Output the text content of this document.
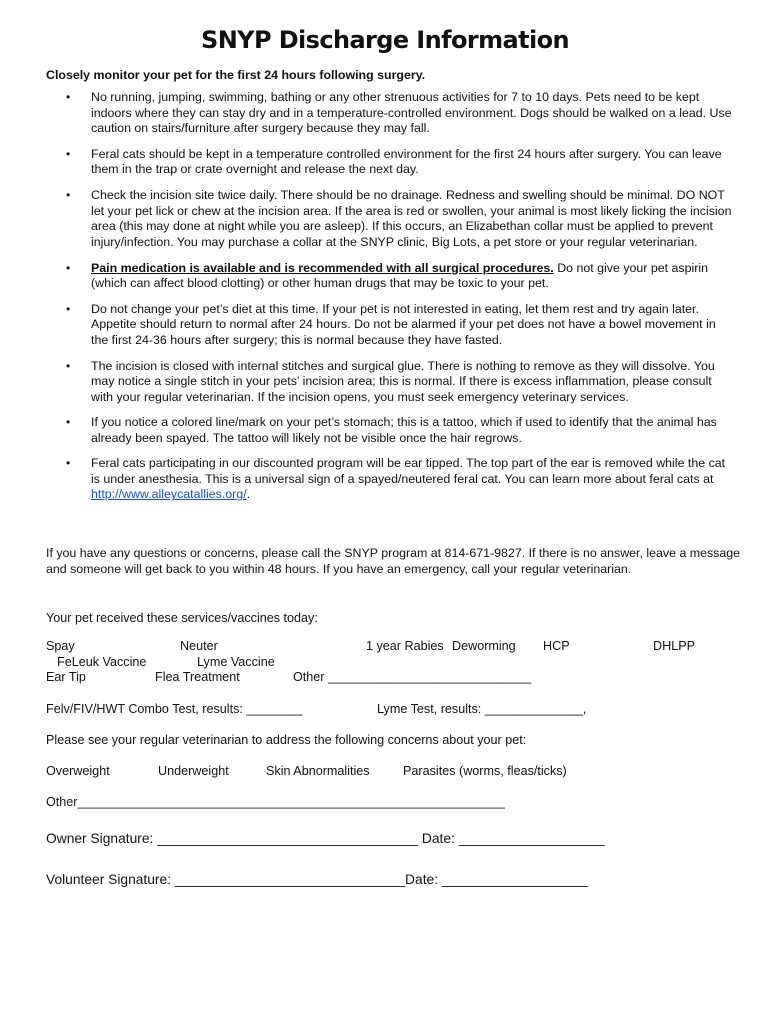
SNYP Discharge Information
Closely monitor your pet for the first 24 hours following surgery.
• No running, jumping, swimming, bathing or any other strenuous activities for 7 to 10 days. Pets need to be kept indoors where they can stay dry and in a temperature-controlled environment. Dogs should be walked on a lead. Use caution on stairs/furniture after surgery because they may fall.
• Feral cats should be kept in a temperature controlled environment for the first 24 hours after surgery. You can leave them in the trap or crate overnight and release the next day.
• Check the incision site twice daily. There should be no drainage. Redness and swelling should be minimal. DO NOT let your pet lick or chew at the incision area. If the area is red or swollen, your animal is most likely licking the incision area (this may done at night while you are asleep). If this occurs, an Elizabethan collar must be applied to prevent injury/infection. You may purchase a collar at the SNYP clinic, Big Lots, a pet store or your regular veterinarian.
• Pain medication is available and is recommended with all surgical procedures. Do not give your pet aspirin (which can affect blood clotting) or other human drugs that may be toxic to your pet.
• Do not change your pet’s diet at this time. If your pet is not interested in eating, let them rest and try again later. Appetite should return to normal after 24 hours. Do not be alarmed if your pet does not have a bowel movement in the first 24-36 hours after surgery; this is normal because they have fasted.
• The incision is closed with internal stitches and surgical glue. There is nothing to remove as they will dissolve. You may notice a single stitch in your pets’ incision area; this is normal. If there is excess inflammation, please consult with your regular veterinarian. If the incision opens, you must seek emergency veterinary services.
• If you notice a colored line/mark on your pet’s stomach; this is a tattoo, which if used to identify that the animal has already been spayed. The tattoo will likely not be visible once the hair regrows.
• Feral cats participating in our discounted program will be ear tipped. The top part of the ear is removed while the cat is under anesthesia. This is a universal sign of a spayed/neutered feral cat. You can learn more about feral cats at http://www.alleycatallies.org/.
If you have any questions or concerns, please call the SNYP program at 814-671-9827. If there is no answer, leave a message and someone will get back to you within 48 hours. If you have an emergency, call your regular veterinarian.
Your pet received these services/vaccines today:
Spay	Neuter	1 year Rabies Deworming HCP	DHLPP
FeLeuk Vaccine	Lyme Vaccine
Ear Tip	Flea Treatment	Other _____________________________
Felv/FIV/HWT Combo Test, results: ________	Lyme Test, results: ______________,
Please see your regular veterinarian to address the following concerns about your pet:
Overweight	Underweight	Skin Abnormalities	Parasites (worms, fleas/ticks)
Other_____________________________________________________________
Owner Signature: __________________________________ Date: ___________________
Volunteer Signature: ______________________________Date: ___________________
